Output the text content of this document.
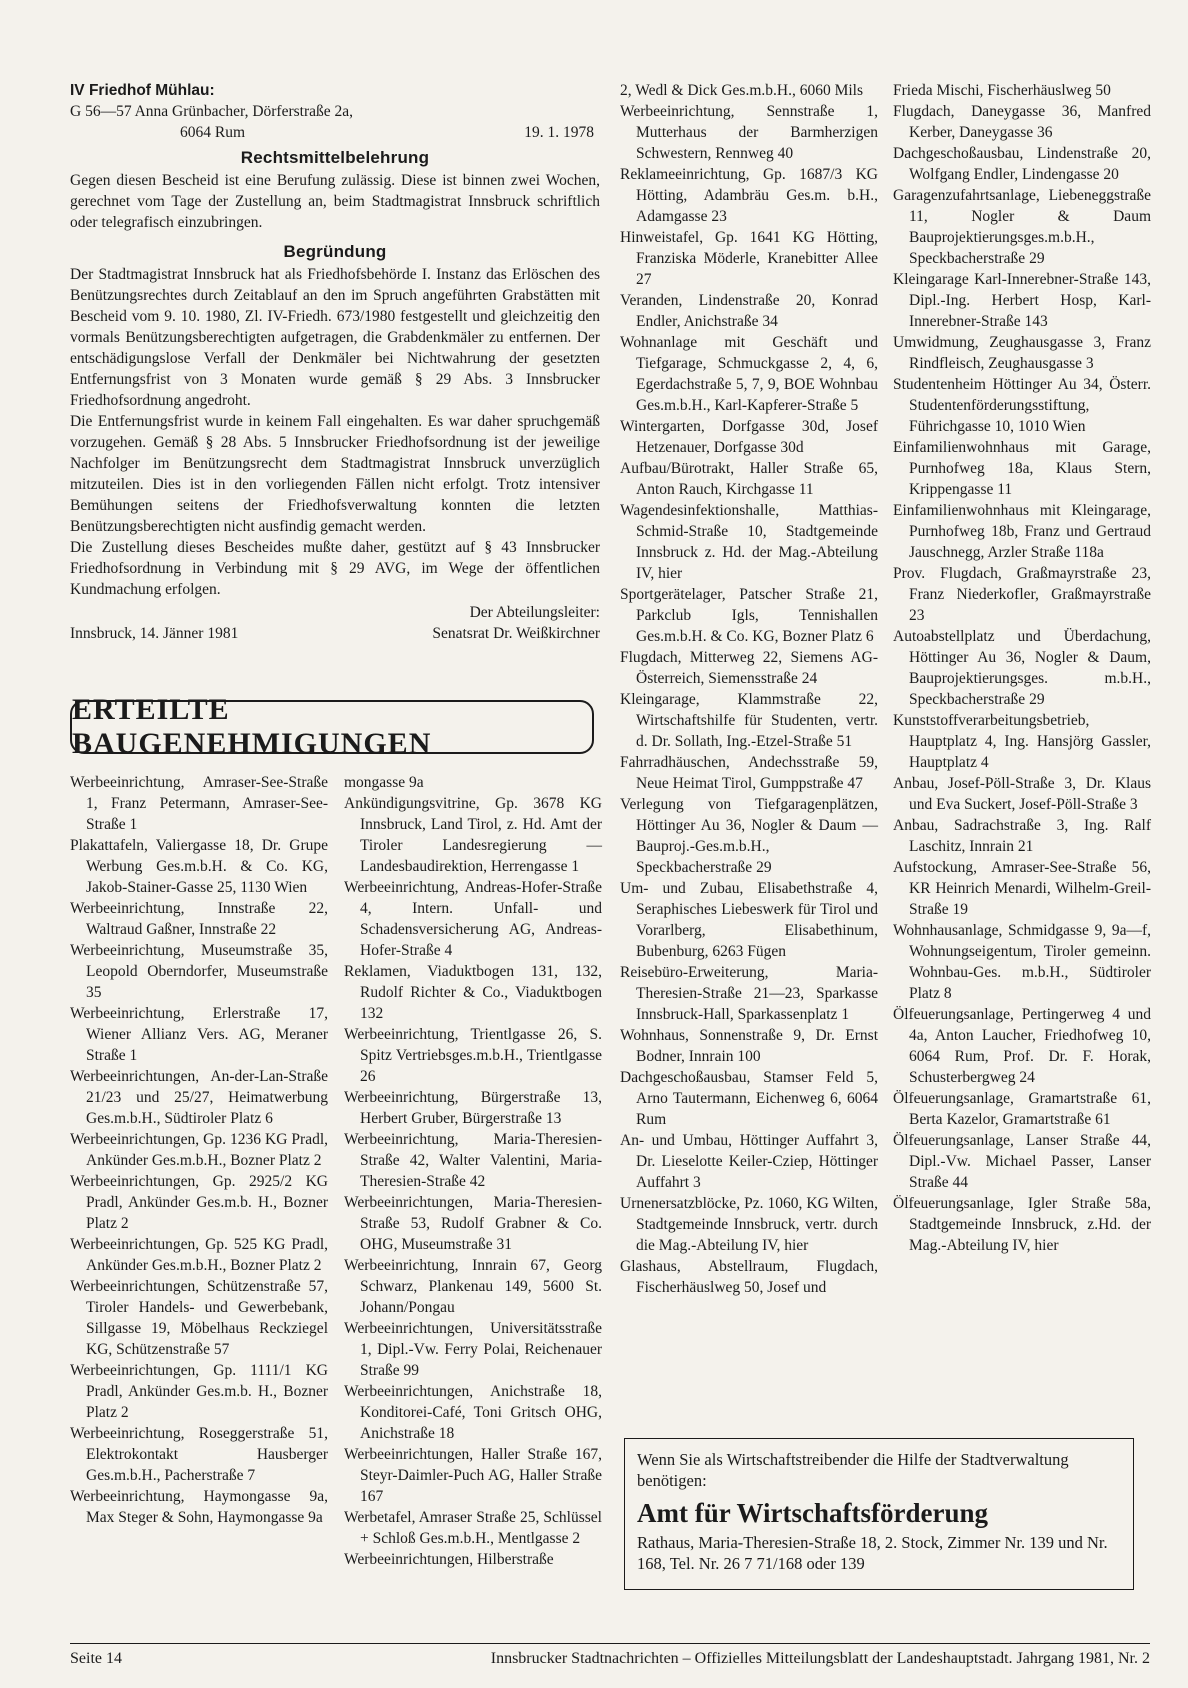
IV Friedhof Mühlau:

G 56—57 Anna Grünbacher, Dörferstraße 2a,

6064 Rum	19. 1. 1978
Rechtsmittelbelehrung

Gegen diesen Bescheid ist eine Berufung zulässig. Diese ist binnen zwei Wochen, gerechnet vom Tage der Zustellung an, beim Stadtmagistrat Innsbruck schriftlich oder telegrafisch einzubringen.

Begründung

Der Stadtmagistrat Innsbruck hat als Friedhofsbehörde I. Instanz das Erlöschen des Benützungsrechtes durch Zeitablauf an den im Spruch angeführten Grabstätten mit Bescheid vom 9. 10. 1980, Zl. IV-Friedh. 673/1980 festgestellt und gleichzeitig den vormals Benützungsberechtigten aufgetragen, die Grabdenkmäler zu entfernen. Der entschädigungslose Verfall der Denkmäler bei Nichtwahrung der gesetzten Entfernungsfrist von 3 Monaten wurde gemäß § 29 Abs. 3 Innsbrucker Friedhofsordnung angedroht.

Die Entfernungsfrist wurde in keinem Fall eingehalten. Es war daher spruchgemäß vorzugehen. Gemäß § 28 Abs. 5 Innsbrucker Friedhofsordnung ist der jeweilige Nachfolger im Benützungsrecht dem Stadtmagistrat Innsbruck unverzüglich mitzuteilen. Dies ist in den vorliegenden Fällen nicht erfolgt. Trotz intensiver Bemühungen seitens der Friedhofsverwaltung konnten die letzten Benützungsberechtigten nicht ausfindig gemacht werden.

Die Zustellung dieses Bescheides mußte daher, gestützt auf § 43 Innsbrucker Friedhofsordnung in Verbindung mit § 29 AVG, im Wege der öffentlichen Kundmachung erfolgen.

Der Abteilungsleiter:
Innsbruck, 14. Jänner 1981	Senatsrat Dr. Weißkirchner
ERTEILTE BAUGENEHMIGUNGEN

Werbeeinrichtung, Amraser-See-Straße 1, Franz Petermann, Amraser-See-Straße 1

Plakattafeln, Valiergasse 18, Dr. Grupe Werbung Ges.m.b.H. & Co. KG, Jakob-Stainer-Gasse 25, 1130 Wien

Werbeeinrichtung, Innstraße 22, Waltraud Gaßner, Innstraße 22

Werbeeinrichtung, Museumstraße 35, Leopold Oberndorfer, Museumstraße 35

Werbeeinrichtung, Erlerstraße 17, Wiener Allianz Vers. AG, Meraner Straße 1

Werbeeinrichtungen, An-der-Lan-Straße 21/23 und 25/27, Heimatwerbung Ges.m.b.H., Südtiroler Platz 6

Werbeeinrichtungen, Gp. 1236 KG Pradl, Ankünder Ges.m.b.H., Bozner Platz 2

Werbeeinrichtungen, Gp. 2925/2 KG Pradl, Ankünder Ges.m.b. H., Bozner Platz 2

Werbeeinrichtungen, Gp. 525 KG Pradl, Ankünder Ges.m.b.H., Bozner Platz 2

Werbeeinrichtungen, Schützenstraße 57, Tiroler Handels- und Gewerbebank, Sillgasse 19, Möbelhaus Reckziegel KG, Schützenstraße 57

Werbeeinrichtungen, Gp. 1111/1 KG Pradl, Ankünder Ges.m.b. H., Bozner Platz 2

Werbeeinrichtung, Roseggerstraße 51, Elektrokontakt Hausberger Ges.m.b.H., Pacherstraße 7

Werbeeinrichtung, Haymongasse 9a, Max Steger & Sohn, Haymongasse 9a

mongasse 9a

Ankündigungsvitrine, Gp. 3678 KG Innsbruck, Land Tirol, z. Hd. Amt der Tiroler Landesregierung — Landesbaudirektion, Herrengasse 1

Werbeeinrichtung, Andreas-Hofer-Straße 4, Intern. Unfall- und Schadensversicherung AG, Andreas-Hofer-Straße 4

Reklamen, Viaduktbogen 131, 132, Rudolf Richter & Co., Viaduktbogen 132

Werbeeinrichtung, Trientlgasse 26, S. Spitz Vertriebsges.m.b.H., Trientlgasse 26

Werbeeinrichtung, Bürgerstraße 13, Herbert Gruber, Bürgerstraße 13

Werbeeinrichtung, Maria-Theresien-Straße 42, Walter Valentini, Maria-Theresien-Straße 42

Werbeeinrichtungen, Maria-Theresien-Straße 53, Rudolf Grabner & Co. OHG, Museumstraße 31

Werbeeinrichtung, Innrain 67, Georg Schwarz, Plankenau 149, 5600 St. Johann/Pongau

Werbeeinrichtungen, Universitätsstraße 1, Dipl.-Vw. Ferry Polai, Reichenauer Straße 99

Werbeeinrichtungen, Anichstraße 18, Konditorei-Café, Toni Gritsch OHG, Anichstraße 18

Werbeeinrichtungen, Haller Straße 167, Steyr-Daimler-Puch AG, Haller Straße 167

Werbetafel, Amraser Straße 25, Schlüssel + Schloß Ges.m.b.H., Mentlgasse 2

Werbeeinrichtungen, Hilberstraße

2, Wedl & Dick Ges.m.b.H., 6060 Mils

Werbeeinrichtung, Sennstraße 1, Mutterhaus der Barmherzigen Schwestern, Rennweg 40

Reklameeinrichtung, Gp. 1687/3 KG Hötting, Adambräu Ges.m. b.H., Adamgasse 23

Hinweistafel, Gp. 1641 KG Hötting, Franziska Möderle, Kranebitter Allee 27

Veranden, Lindenstraße 20, Konrad Endler, Anichstraße 34

Wohnanlage mit Geschäft und Tiefgarage, Schmuckgasse 2, 4, 6, Egerdachstraße 5, 7, 9, BOE Wohnbau Ges.m.b.H., Karl-Kapferer-Straße 5

Wintergarten, Dorfgasse 30d, Josef Hetzenauer, Dorfgasse 30d

Aufbau/Bürotrakt, Haller Straße 65, Anton Rauch, Kirchgasse 11

Wagendesinfektionshalle, Matthias-Schmid-Straße 10, Stadtgemeinde Innsbruck z. Hd. der Mag.-Abteilung IV, hier

Sportgerätelager, Patscher Straße 21, Parkclub Igls, Tennishallen Ges.m.b.H. & Co. KG, Bozner Platz 6

Flugdach, Mitterweg 22, Siemens AG-Österreich, Siemensstraße 24

Kleingarage, Klammstraße 22, Wirtschaftshilfe für Studenten, vertr. d. Dr. Sollath, Ing.-Etzel-Straße 51

Fahrradhäuschen, Andechsstraße 59, Neue Heimat Tirol, Gumppstraße 47

Verlegung von Tiefgaragenplätzen, Höttinger Au 36, Nogler & Daum — Bauproj.-Ges.m.b.H., Speckbacherstraße 29

Um- und Zubau, Elisabethstraße 4, Seraphisches Liebeswerk für Tirol und Vorarlberg, Elisabethinum, Bubenburg, 6263 Fügen

Reisebüro-Erweiterung, Maria-Theresien-Straße 21—23, Sparkasse Innsbruck-Hall, Sparkassenplatz 1

Wohnhaus, Sonnenstraße 9, Dr. Ernst Bodner, Innrain 100

Dachgeschoßausbau, Stamser Feld 5, Arno Tautermann, Eichenweg 6, 6064 Rum

An- und Umbau, Höttinger Auffahrt 3, Dr. Lieselotte Keiler-Cziep, Höttinger Auffahrt 3

Urnenersatzblöcke, Pz. 1060, KG Wilten, Stadtgemeinde Innsbruck, vertr. durch die Mag.-Abteilung IV, hier

Glashaus, Abstellraum, Flugdach, Fischerhäuslweg 50, Josef und

Frieda Mischi, Fischerhäuslweg 50

Flugdach, Daneygasse 36, Manfred Kerber, Daneygasse 36

Dachgeschoßausbau, Lindenstraße 20, Wolfgang Endler, Lindengasse 20

Garagenzufahrtsanlage, Liebeneggstraße 11, Nogler & Daum Bauprojektierungsges.m.b.H., Speckbacherstraße 29

Kleingarage Karl-Innerebner-Straße 143, Dipl.-Ing. Herbert Hosp, Karl-Innerebner-Straße 143

Umwidmung, Zeughausgasse 3, Franz Rindfleisch, Zeughausgasse 3

Studentenheim Höttinger Au 34, Österr. Studentenförderungsstiftung, Führichgasse 10, 1010 Wien

Einfamilienwohnhaus mit Garage, Purnhofweg 18a, Klaus Stern, Krippengasse 11

Einfamilienwohnhaus mit Kleingarage, Purnhofweg 18b, Franz und Gertraud Jauschnegg, Arzler Straße 118a

Prov. Flugdach, Graßmayrstraße 23, Franz Niederkofler, Graßmayrstraße 23

Autoabstellplatz und Überdachung, Höttinger Au 36, Nogler & Daum, Bauprojektierungsges. m.b.H., Speckbacherstraße 29

Kunststoffverarbeitungsbetrieb, Hauptplatz 4, Ing. Hansjörg Gassler, Hauptplatz 4

Anbau, Josef-Pöll-Straße 3, Dr. Klaus und Eva Suckert, Josef-Pöll-Straße 3

Anbau, Sadrachstraße 3, Ing. Ralf Laschitz, Innrain 21

Aufstockung, Amraser-See-Straße 56, KR Heinrich Menardi, Wilhelm-Greil-Straße 19

Wohnhausanlage, Schmidgasse 9, 9a—f, Wohnungseigentum, Tiroler gemeinn. Wohnbau-Ges. m.b.H., Südtiroler Platz 8

Ölfeuerungsanlage, Pertingerweg 4 und 4a, Anton Laucher, Friedhofweg 10, 6064 Rum, Prof. Dr. F. Horak, Schusterbergweg 24

Ölfeuerungsanlage, Gramartstraße 61, Berta Kazelor, Gramartstraße 61

Ölfeuerungsanlage, Lanser Straße 44, Dipl.-Vw. Michael Passer, Lanser Straße 44

Ölfeuerungsanlage, Igler Straße 58a, Stadtgemeinde Innsbruck, z.Hd. der Mag.-Abteilung IV, hier

Wenn Sie als Wirtschaftstreibender die Hilfe der Stadtverwaltung benötigen:
Amt für Wirtschaftsförderung
Rathaus, Maria-Theresien-Straße 18, 2. Stock, Zimmer Nr. 139 und Nr. 168, Tel. Nr. 26 7 71/168 oder 139
Seite 14	Innsbrucker Stadtnachrichten – Offizielles Mitteilungsblatt der Landeshauptstadt. Jahrgang 1981, Nr. 2
